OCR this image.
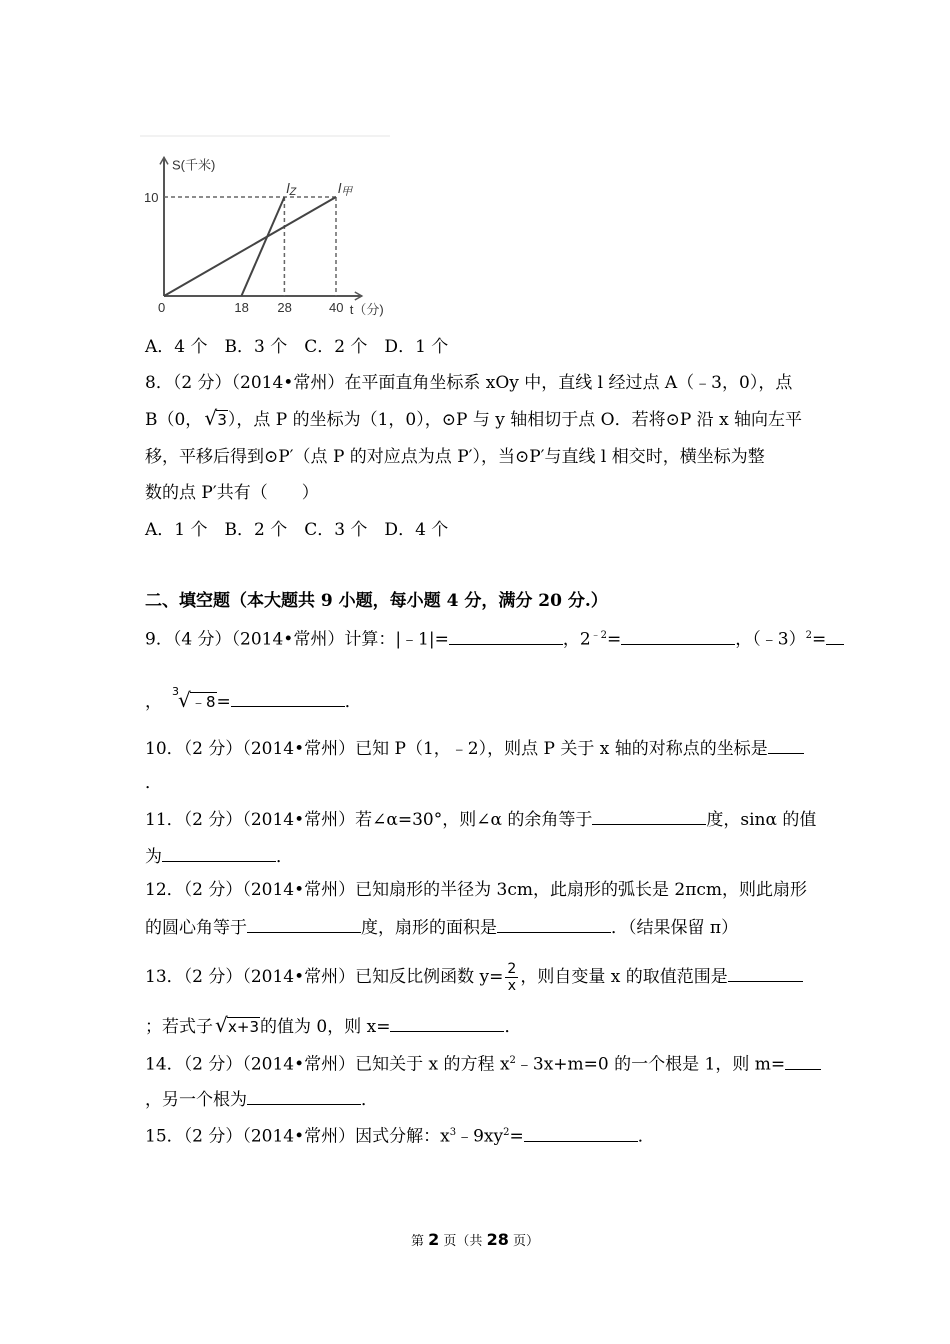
l甲
lZ
0	18 28	40
10
S(千米)
t（分)
A．4 个　B．3 个　C．2 个　D．1 个
8．（2 分）（2014•常州）在平面直角坐标系 xOy 中，直线 l 经过点 A（﹣3，0），点
B（0， √ 3），点 P 的坐标为（1，0），⊙P 与 y 轴相切于点 O．若将⊙P 沿 x 轴向左平
移，平移后得到⊙P′（点 P 的对应点为点 P′），当⊙P′与直线 l 相交时，横坐标为整
数的点 P′共有（　　）
A．1 个　B．2 个　C．3 个　D．4 个
二、填空题（本大题共 9 小题，每小题 4 分，满分 20 分.）
9．（4 分）（2014•常州）计算：|﹣1|=	，$2^{﹣2}=$	，（﹣3）$^2$=
，
3 √ ﹣8=	．
10．（2 分）（2014•常州）已知 P（1，﹣2），则点 P 关于 x 轴的对称点的坐标是
．
11．（2 分）（2014•常州）若∠α=30°，则∠α 的余角等于	度，sinα 的值
为	．
12．（2 分）（2014•常州）已知扇形的半径为 3cm，此扇形的弧长是 2πcm，则此扇形
的圆心角等于	度，扇形的面积是	．（结果保留 π）
13．（2 分）（2014•常州）已知反比例函数 $y= \frac{2}{x}$ ，则自变量 x 的取值范围是
；若式子 √ x+3的值为 0，则 x=	．
14．（2 分）（2014•常州）已知关于 x 的方程 $x^2﹣3x+m=0$ 的一个根是 1，则 m=
，另一个根为	．
15．（2 分）（2014•常州）因式分解：$x^3﹣9xy^2=$	．
第 2 页（共 28 页）
